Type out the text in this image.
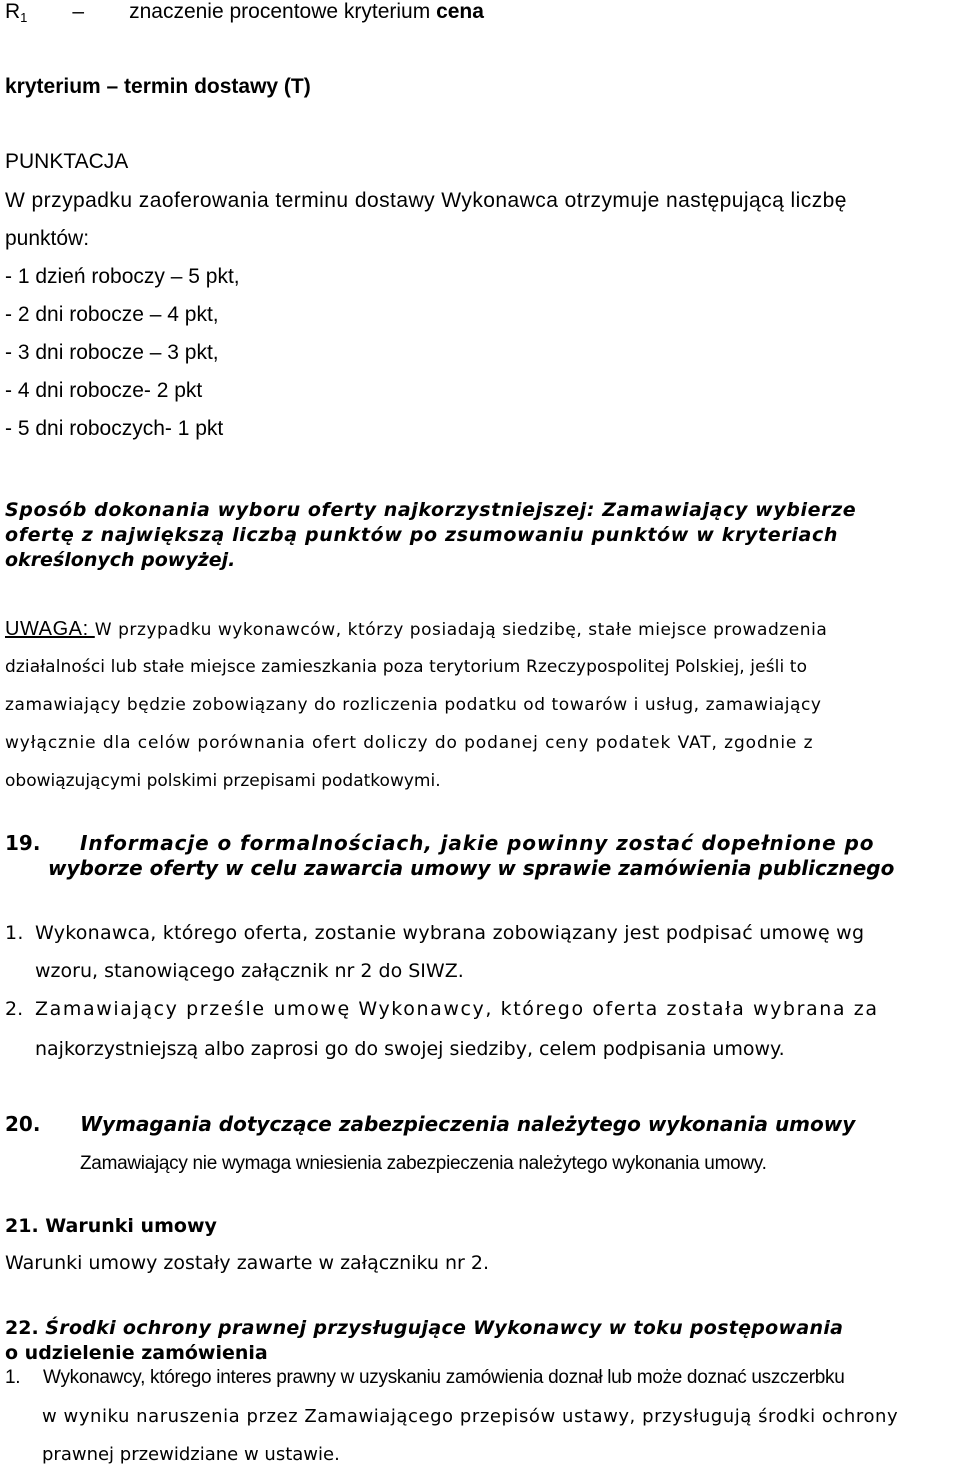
$R_1$ – znaczenie procentowe kryterium cena
kryterium – termin dostawy (T)
PUNKTACJA
W przypadku zaoferowania terminu dostawy Wykonawca otrzymuje następującą liczbę
punktów:
- 1 dzień roboczy – 5 pkt,
- 2 dni robocze – 4 pkt,
- 3 dni robocze – 3 pkt,
- 4 dni robocze- 2 pkt
- 5 dni roboczych- 1 pkt
Sposób dokonania wyboru oferty najkorzystniejszej: Zamawiający wybierze
ofertę z największą liczbą punktów po zsumowaniu punktów w kryteriach
określonych powyżej.
UWAGA: W przypadku wykonawców, którzy posiadają siedzibę, stałe miejsce prowadzenia
działalności lub stałe miejsce zamieszkania poza terytorium Rzeczypospolitej Polskiej, jeśli to
zamawiający będzie zobowiązany do rozliczenia podatku od towarów i usług, zamawiający
wyłącznie dla celów porównania ofert doliczy do podanej ceny podatek VAT, zgodnie z
obowiązującymi polskimi przepisami podatkowymi.
19. Informacje o formalnościach, jakie powinny zostać dopełnione po
wyborze oferty w celu zawarcia umowy w sprawie zamówienia publicznego
1. Wykonawca, którego oferta, zostanie wybrana zobowiązany jest podpisać umowę wg
wzoru, stanowiącego załącznik nr 2 do SIWZ.
2. Zamawiający prześle umowę Wykonawcy, którego oferta została wybrana za
najkorzystniejszą albo zaprosi go do swojej siedziby, celem podpisania umowy.
20. Wymagania dotyczące zabezpieczenia należytego wykonania umowy
Zamawiający nie wymaga wniesienia zabezpieczenia należytego wykonania umowy.
21. Warunki umowy
Warunki umowy zostały zawarte w załączniku nr 2.
22. Środki ochrony prawnej przysługujące Wykonawcy w toku postępowania
o udzielenie zamówienia
1. Wykonawcy, którego interes prawny w uzyskaniu zamówienia doznał lub może doznać uszczerbku
w wyniku naruszenia przez Zamawiającego przepisów ustawy, przysługują środki ochrony
prawnej przewidziane w ustawie.
